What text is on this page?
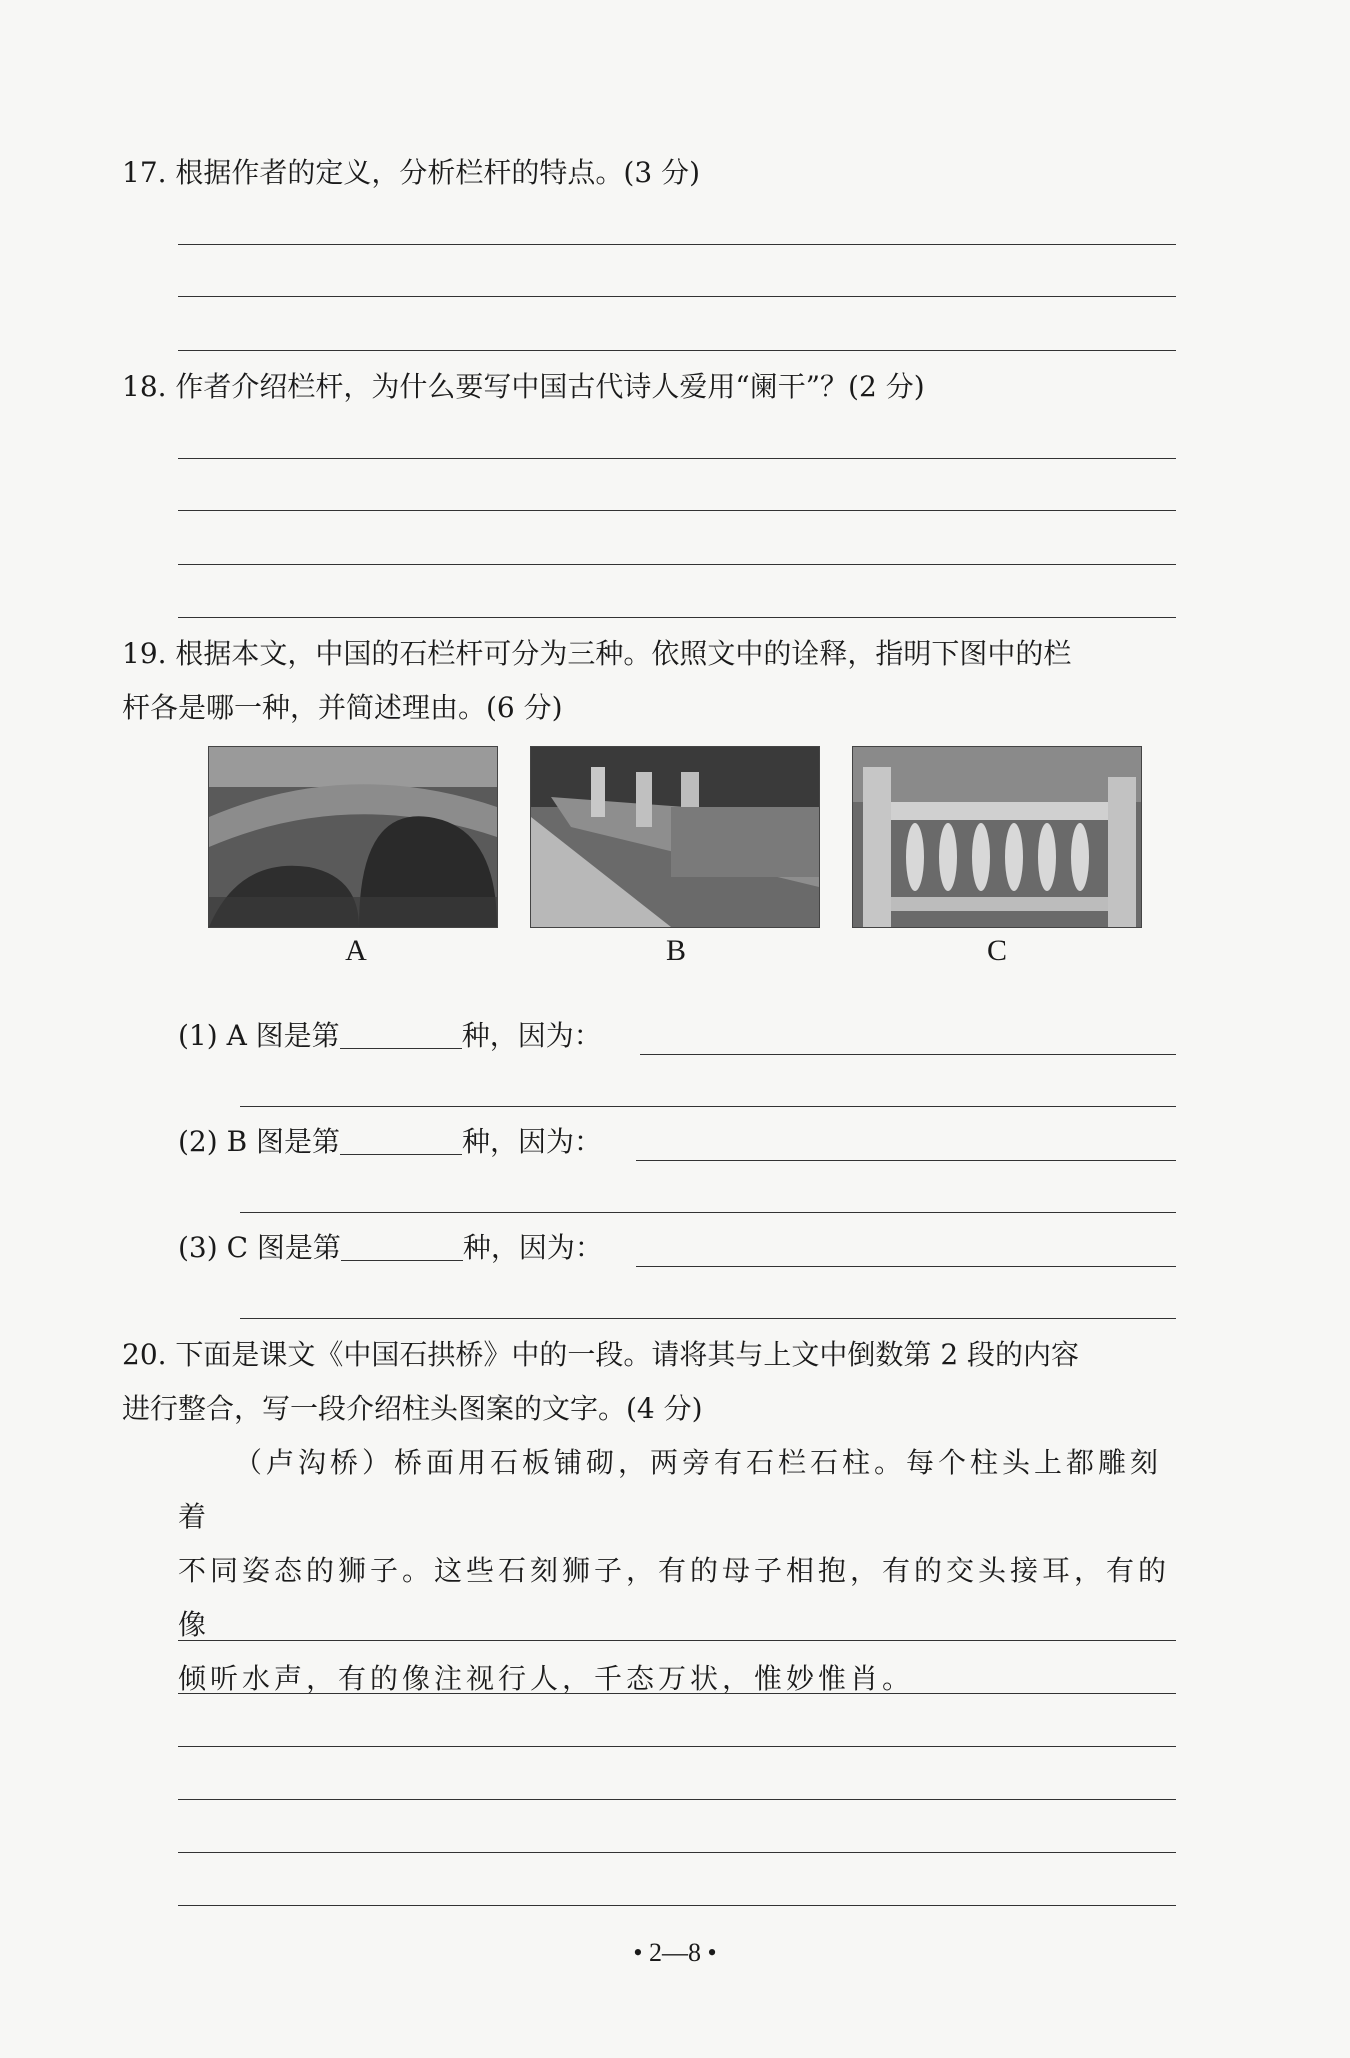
17. 根据作者的定义，分析栏杆的特点。(3 分)
18. 作者介绍栏杆，为什么要写中国古代诗人爱用“阑干”？(2 分)
19. 根据本文，中国的石栏杆可分为三种。依照文中的诠释，指明下图中的栏
杆各是哪一种，并简述理由。(6 分)
A	B	C
(1) A 图是第	种，因为：
(2) B 图是第	种，因为：
(3) C 图是第	种，因为：
20. 下面是课文《中国石拱桥》中的一段。请将其与上文中倒数第 2 段的内容
进行整合，写一段介绍柱头图案的文字。(4 分)

（卢沟桥）桥面用石板铺砌，两旁有石栏石柱。每个柱头上都雕刻着

不同姿态的狮子。这些石刻狮子，有的母子相抱，有的交头接耳，有的像

倾听水声，有的像注视行人，千态万状，惟妙惟肖。

• 2—8 •
